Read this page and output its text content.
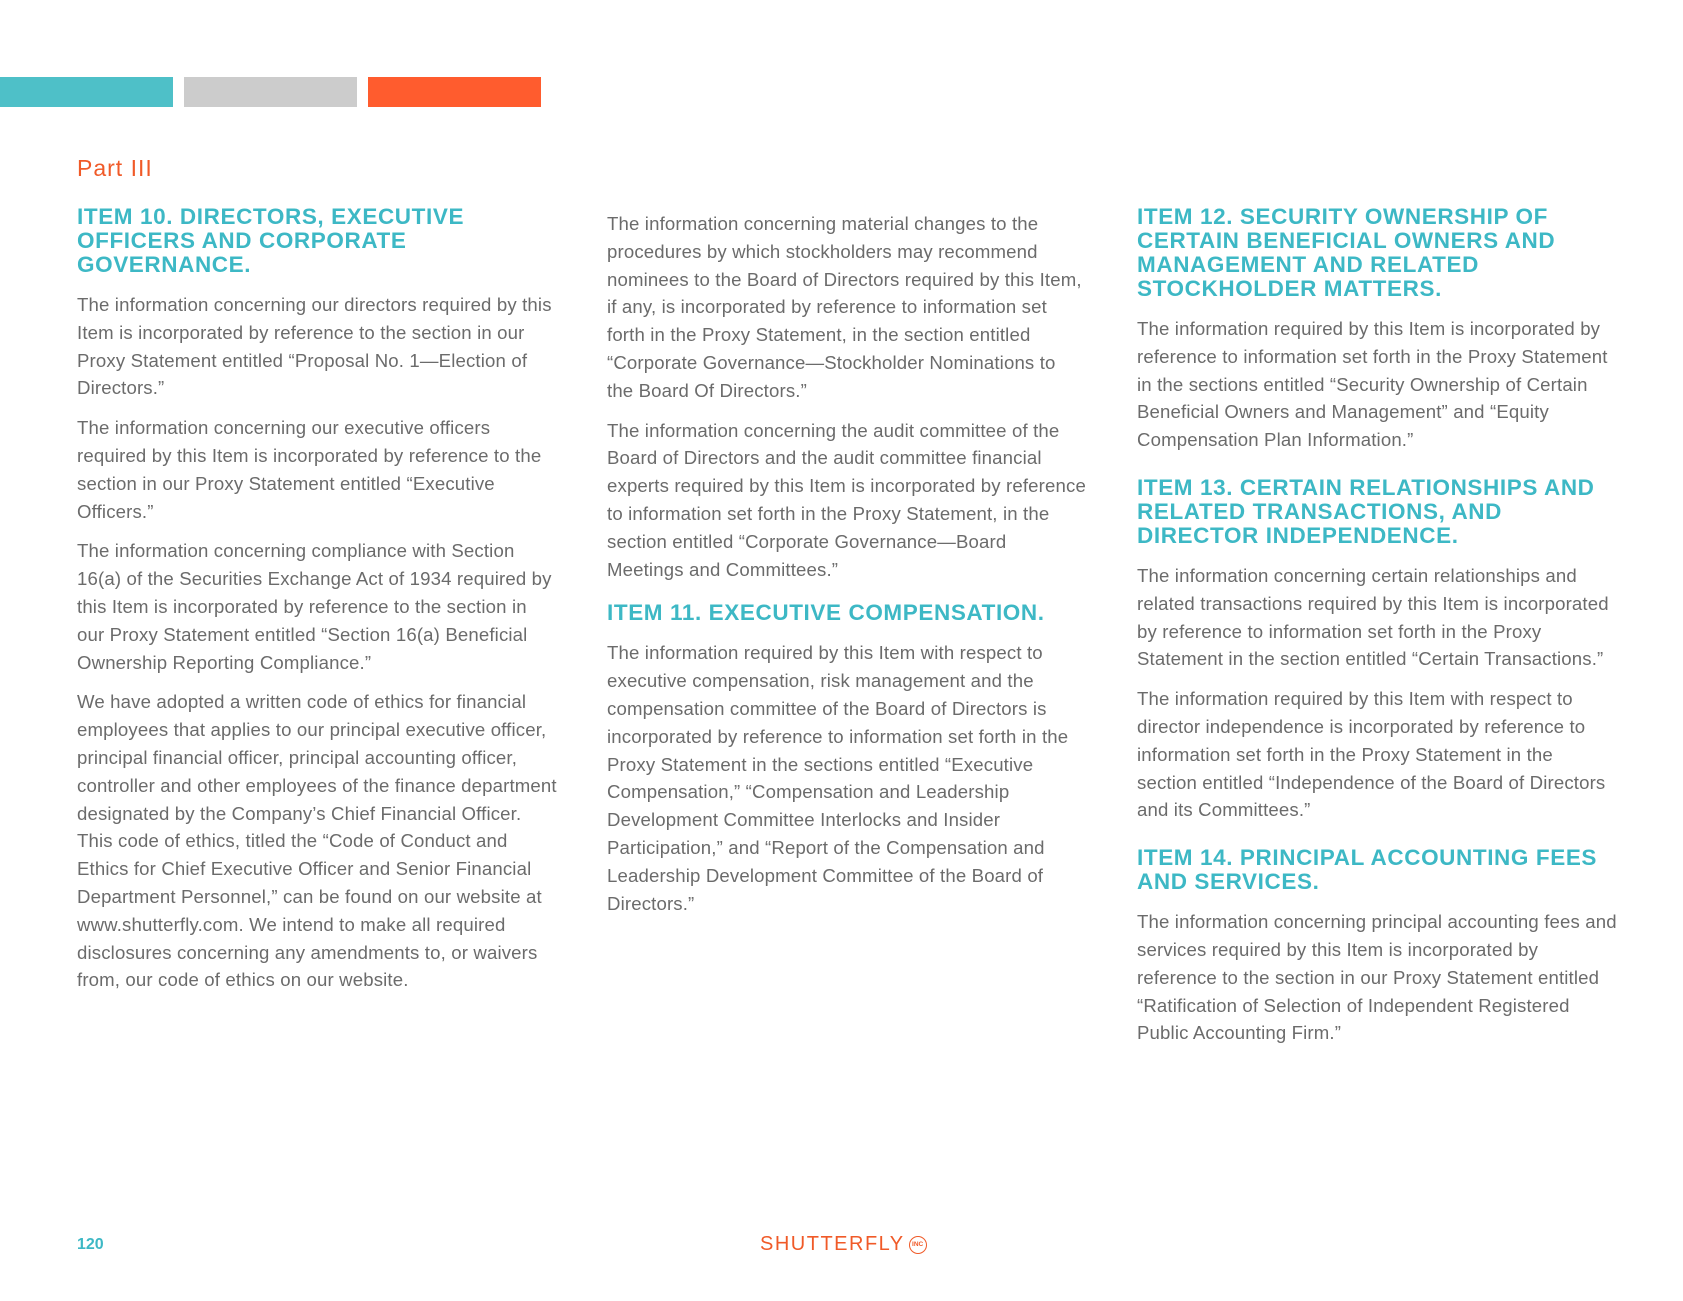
Part III
ITEM 10. DIRECTORS, EXECUTIVE OFFICERS AND CORPORATE GOVERNANCE.

The information concerning our directors required by this Item is incorporated by reference to the section in our Proxy Statement entitled “Proposal No. 1—Election of Directors.”

The information concerning our executive officers required by this Item is incorporated by reference to the section in our Proxy Statement entitled “Executive Officers.”

The information concerning compliance with Section 16(a) of the Securities Exchange Act of 1934 required by this Item is incorporated by reference to the section in our Proxy Statement entitled “Section 16(a) Beneficial Ownership Reporting Compliance.”

We have adopted a written code of ethics for financial employees that applies to our principal executive officer, principal financial officer, principal accounting officer, controller and other employees of the finance department designated by the Company’s Chief Financial Officer. This code of ethics, titled the “Code of Conduct and Ethics for Chief Executive Officer and Senior Financial Department Personnel,” can be found on our website at www.shutterfly.com. We intend to make all required disclosures concerning any amendments to, or waivers from, our code of ethics on our website.

The information concerning material changes to the procedures by which stockholders may recommend nominees to the Board of Directors required by this Item, if any, is incorporated by reference to information set forth in the Proxy Statement, in the section entitled “Corporate Governance—Stockholder Nominations to the Board Of Directors.”

The information concerning the audit committee of the Board of Directors and the audit committee financial experts required by this Item is incorporated by reference to information set forth in the Proxy Statement, in the section entitled “Corporate Governance—Board Meetings and Committees.”

ITEM 11. EXECUTIVE COMPENSATION.

The information required by this Item with respect to executive compensation, risk management and the compensation committee of the Board of Directors is incorporated by reference to information set forth in the Proxy Statement in the sections entitled “Executive Compensation,” “Compensation and Leadership Development Committee Interlocks and Insider Participation,” and “Report of the Compensation and Leadership Development Committee of the Board of Directors.”

ITEM 12. SECURITY OWNERSHIP OF CERTAIN BENEFICIAL OWNERS AND MANAGEMENT AND RELATED STOCKHOLDER MATTERS.

The information required by this Item is incorporated by reference to information set forth in the Proxy Statement in the sections entitled “Security Ownership of Certain Beneficial Owners and Management” and “Equity Compensation Plan Information.”

ITEM 13. CERTAIN RELATIONSHIPS AND RELATED TRANSACTIONS, AND DIRECTOR INDEPENDENCE.

The information concerning certain relationships and related transactions required by this Item is incorporated by reference to information set forth in the Proxy Statement in the section entitled “Certain Transactions.”

The information required by this Item with respect to director independence is incorporated by reference to information set forth in the Proxy Statement in the section entitled “Independence of the Board of Directors and its Committees.”

ITEM 14. PRINCIPAL ACCOUNTING FEES AND SERVICES.

The information concerning principal accounting fees and services required by this Item is incorporated by reference to the section in our Proxy Statement entitled “Ratification of Selection of Independent Registered Public Accounting Firm.”

120	SHUTTERFLY	INC
